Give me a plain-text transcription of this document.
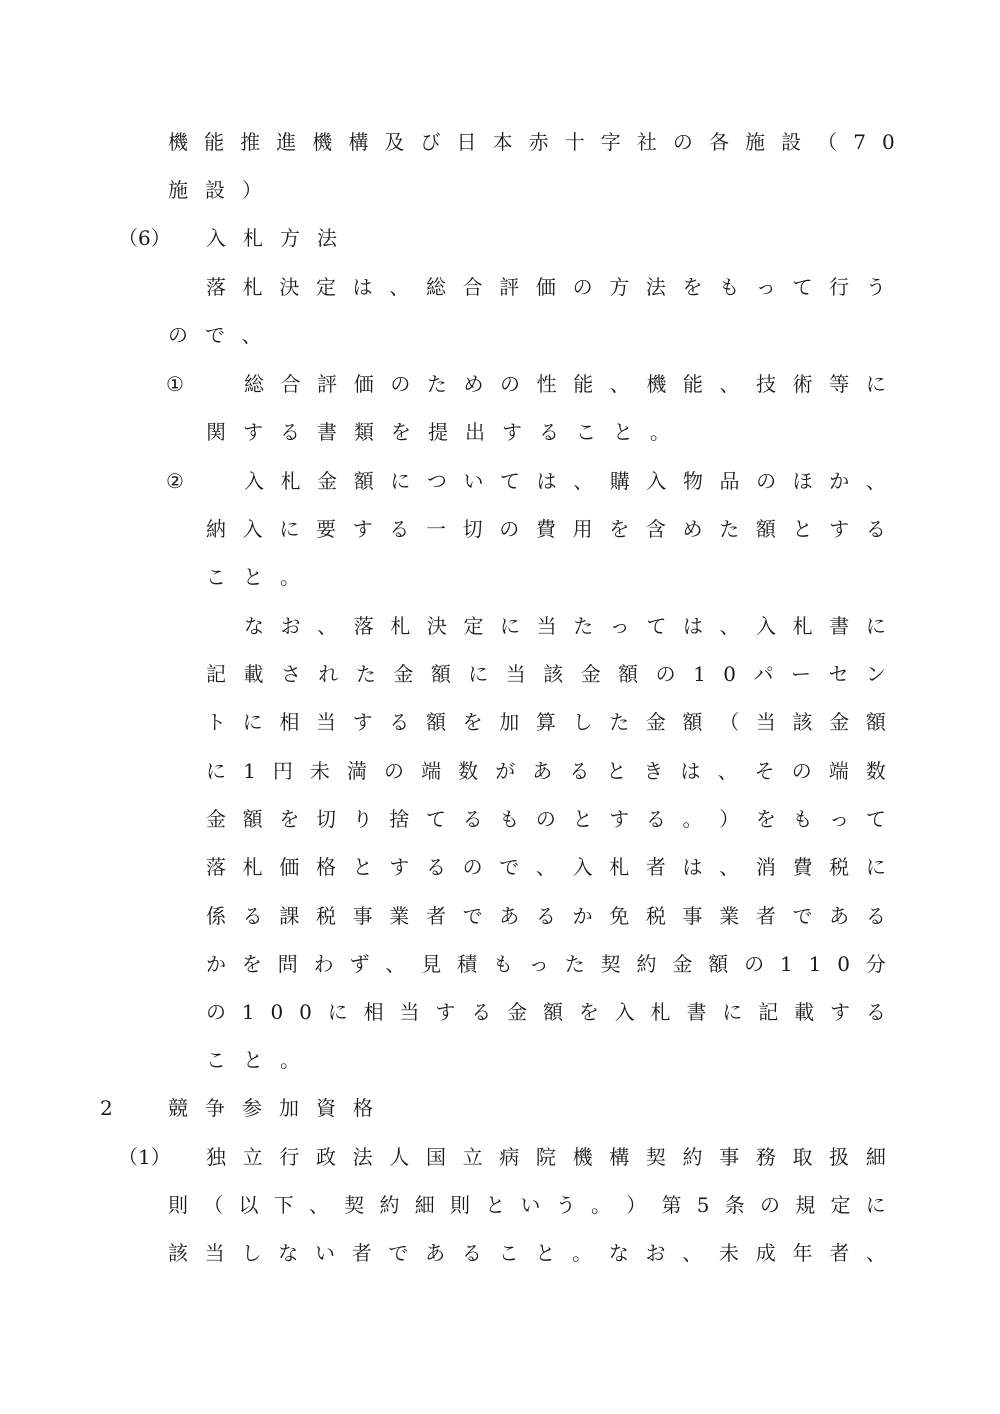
機 能 推 進 機 構 及 び 日 本 赤 十 字 社 の 各 施 設 （ 7 0
施設）
（6） 入札方法
落 札 決 定 は 、 総 合 評 価 の 方 法 を も っ て 行 う
ので、
①	総 合 評 価 の た め の 性 能 、 機 能 、 技 術 等 に
関する書類を提出すること。
②	入 札 金 額 に つ い て は 、 購 入 物 品 の ほ か 、
納 入 に 要 す る 一 切 の 費 用 を 含 め た 額 と す る
こと。
な お 、 落 札 決 定 に 当 た っ て は 、 入 札 書 に
記 載 さ れ た 金 額 に 当 該 金 額 の 1 0 パ ー セ ン
ト に 相 当 す る 額 を 加 算 し た 金 額 （ 当 該 金 額
に 1 円 未 満 の 端 数 が あ る と き は 、 そ の 端 数
金 額 を 切 り 捨 て る も の と す る 。 ） を も っ て
落 札 価 格 と す る の で 、 入 札 者 は 、 消 費 税 に
係 る 課 税 事 業 者 で あ る か 免 税 事 業 者 で あ る
か を 問 わ ず 、 見 積 も っ た 契 約 金 額 の 1 1 0 分
の 1 0 0 に 相 当 す る 金 額 を 入 札 書 に 記 載 す る
こと。
2	競争参加資格
（1） 独 立 行 政 法 人 国 立 病 院 機 構 契 約 事 務 取 扱 細
則 （ 以 下 、 契 約 細 則 と い う 。 ） 第 5 条 の 規 定 に
該 当 し な い 者 で あ る こ と 。 な お 、 未 成 年 者 、
